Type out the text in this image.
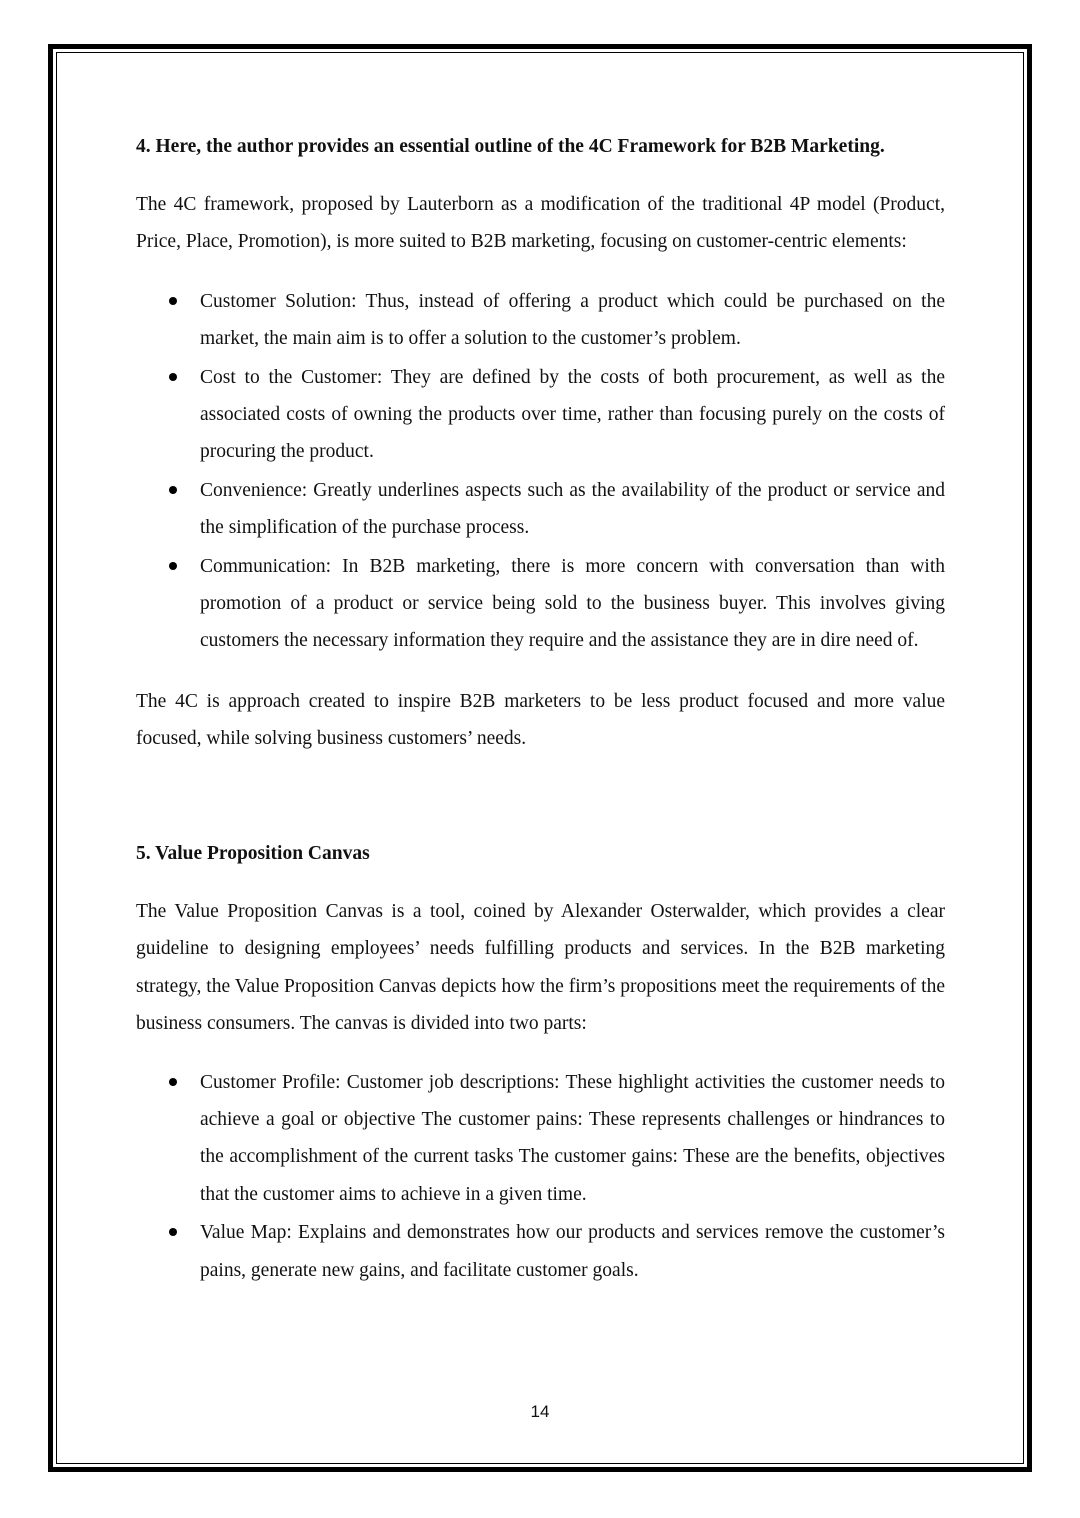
4. Here, the author provides an essential outline of the 4C Framework for B2B Marketing.

The 4C framework, proposed by Lauterborn as a modification of the traditional 4P model (Product, Price, Place, Promotion), is more suited to B2B marketing, focusing on customer-centric elements:

Customer Solution: Thus, instead of offering a product which could be purchased on the market, the main aim is to offer a solution to the customer’s problem.
Cost to the Customer: They are defined by the costs of both procurement, as well as the associated costs of owning the products over time, rather than focusing purely on the costs of procuring the product.
Convenience: Greatly underlines aspects such as the availability of the product or service and the simplification of the purchase process.
Communication: In B2B marketing, there is more concern with conversation than with promotion of a product or service being sold to the business buyer. This involves giving customers the necessary information they require and the assistance they are in dire need of.

The 4C is approach created to inspire B2B marketers to be less product focused and more value focused, while solving business customers’ needs.

5. Value Proposition Canvas

The Value Proposition Canvas is a tool, coined by Alexander Osterwalder, which provides a clear guideline to designing employees’ needs fulfilling products and services. In the B2B marketing strategy, the Value Proposition Canvas depicts how the firm’s propositions meet the requirements of the business consumers. The canvas is divided into two parts:

Customer Profile: Customer job descriptions: These highlight activities the customer needs to achieve a goal or objective The customer pains: These represents challenges or hindrances to the accomplishment of the current tasks The customer gains: These are the benefits, objectives that the customer aims to achieve in a given time.
Value Map: Explains and demonstrates how our products and services remove the customer’s pains, generate new gains, and facilitate customer goals.
14
